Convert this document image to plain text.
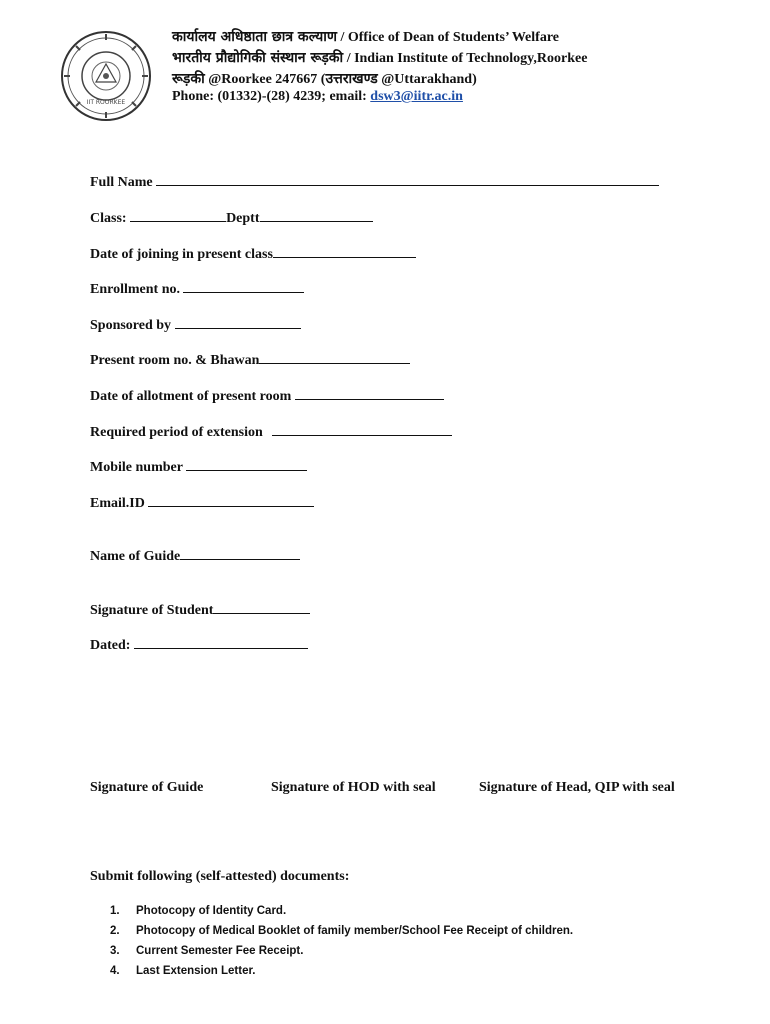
IIT ROORKEE
कार्यालय अधिष्ठाता छात्र कल्याण / Office of Dean of Students’ Welfare
भारतीय प्रौद्योगिकी संस्थान रूड़की / Indian Institute of Technology,Roorkee
रूड़की @Roorkee 247667 (उत्तराखण्ड @Uttarakhand)
Phone: (01332)-(28) 4239; email: dsw3@iitr.ac.in
Full Name
Class:	Deptt
Date of joining in present class
Enrollment no.
Sponsored by
Present room no. & Bhawan
Date of allotment of present room
Required period of extension
Mobile number
Email.ID
Name of Guide
Signature of Student
Dated:
Signature of Guide	Signature of HOD with seal	Signature of Head, QIP with seal
Submit following (self-attested) documents:
1. Photocopy of Identity Card.
2. Photocopy of Medical Booklet of family member/School Fee Receipt of children.
3. Current Semester Fee Receipt.
4. Last Extension Letter.
